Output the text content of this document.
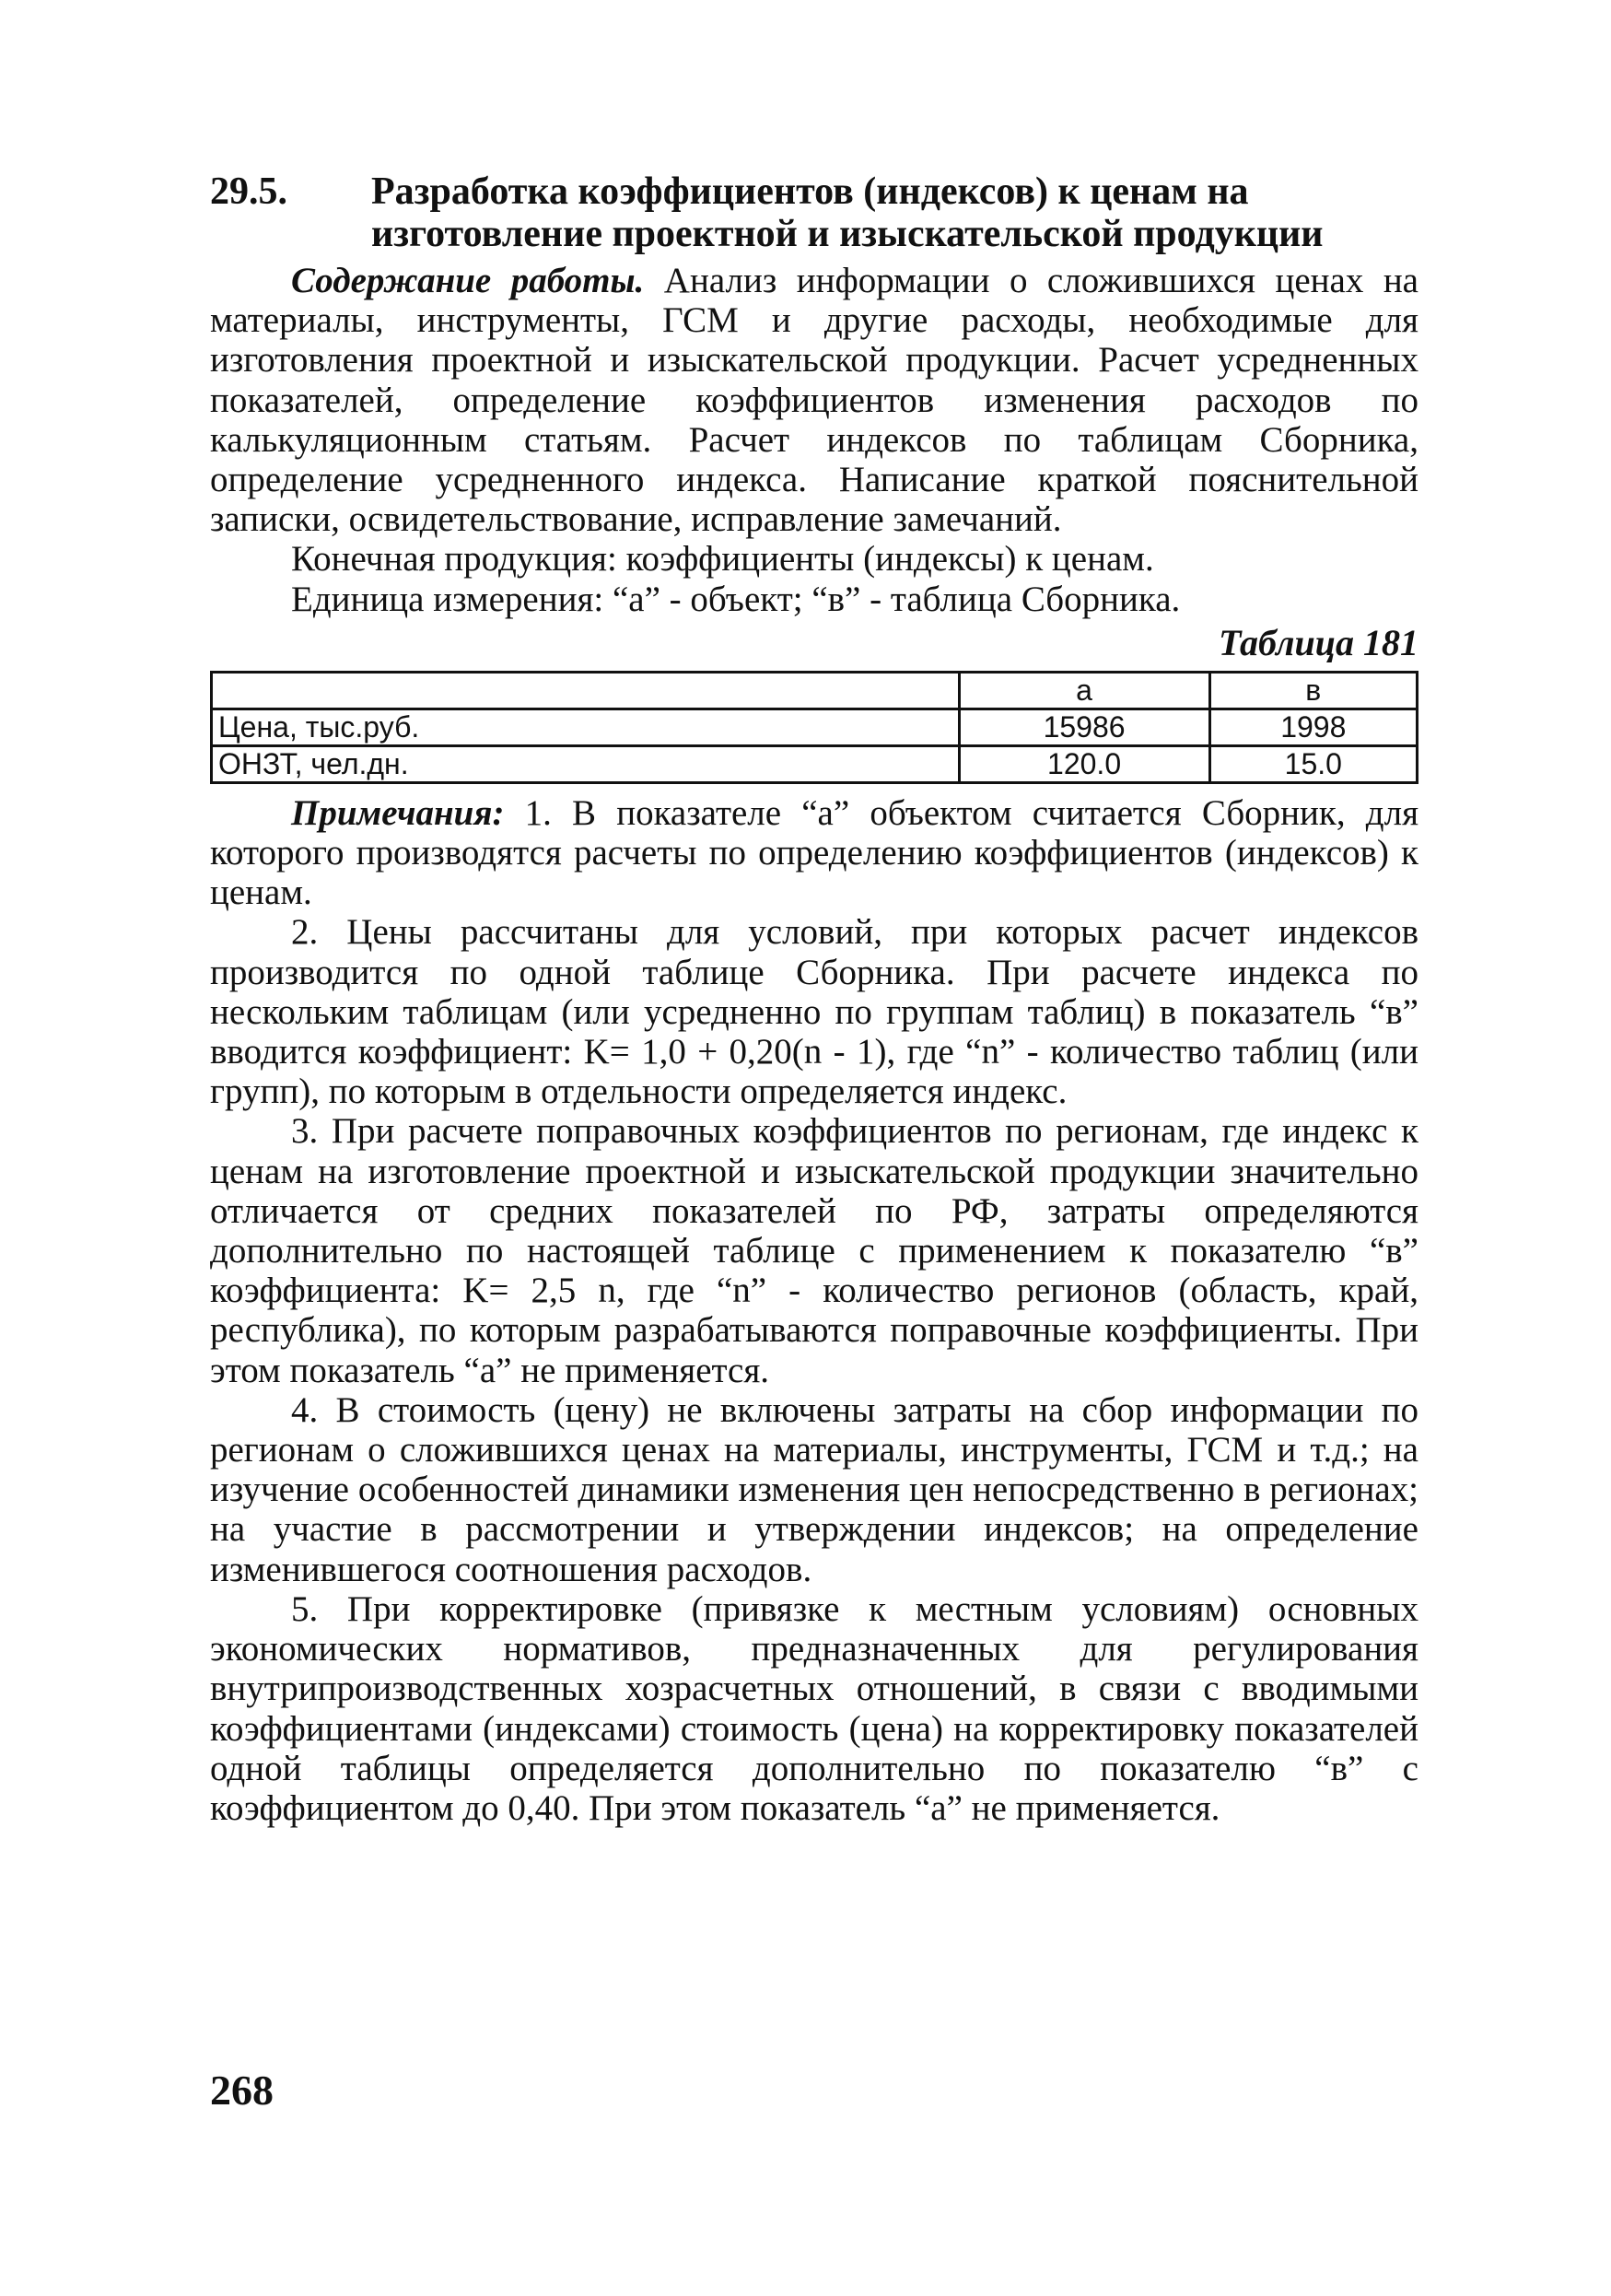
29.5.	Разработка коэффициентов (индексов) к ценам на изготовление проектной и изыскательской продукции

Содержание работы. Анализ информации о сложившихся ценах на материалы, инструменты, ГСМ и другие расходы, необходимые для изготовления проектной и изыскательской продукции. Расчет усредненных показателей, определение коэффициентов изменения расходов по калькуляционным статьям. Расчет индексов по таблицам Сборника, определение усредненного индекса. Написание краткой пояснительной записки, освидетельствование, исправление замечаний.

Конечная продукция: коэффициенты (индексы) к ценам.

Единица измерения: “а” - объект; “в” - таблица Сборника.

Таблица 181
	а	в
Цена, тыс.руб.	15986	1998
ОНЗТ, чел.дн.	120.0	15.0

Примечания: 1. В показателе “а” объектом считается Сборник, для которого производятся расчеты по определению коэффициентов (индексов) к ценам.

2. Цены рассчитаны для условий, при которых расчет индексов производится по одной таблице Сборника. При расчете индекса по нескольким таблицам (или усредненно по группам таблиц) в показатель “в” вводится коэффициент: K= 1,0 + 0,20(n - 1), где “n” - количество таблиц (или групп), по которым в отдельности определяется индекс.

3. При расчете поправочных коэффициентов по регионам, где индекс к ценам на изготовление проектной и изыскательской продукции значительно отличается от средних показателей по РФ, затраты определяются дополнительно по настоящей таблице с применением к показателю “в” коэффициента: K= 2,5 n, где “n” - количество регионов (область, край, республика), по которым разрабатываются поправочные коэффициенты. При этом показатель “а” не применяется.

4. В стоимость (цену) не включены затраты на сбор информации по регионам о сложившихся ценах на материалы, инструменты, ГСМ и т.д.; на изучение особенностей динамики изменения цен непосредственно в регионах; на участие в рассмотрении и утверждении индексов; на определение изменившегося соотношения расходов.

5. При корректировке (привязке к местным условиям) основных экономических нормативов, предназначенных для регулирования внутрипроизводственных хозрасчетных отношений, в связи с вводимыми коэффициентами (индексами) стоимость (цена) на корректировку показателей одной таблицы определяется дополнительно по показателю “в” с коэффициентом до 0,40. При этом показатель “а” не применяется.

268
